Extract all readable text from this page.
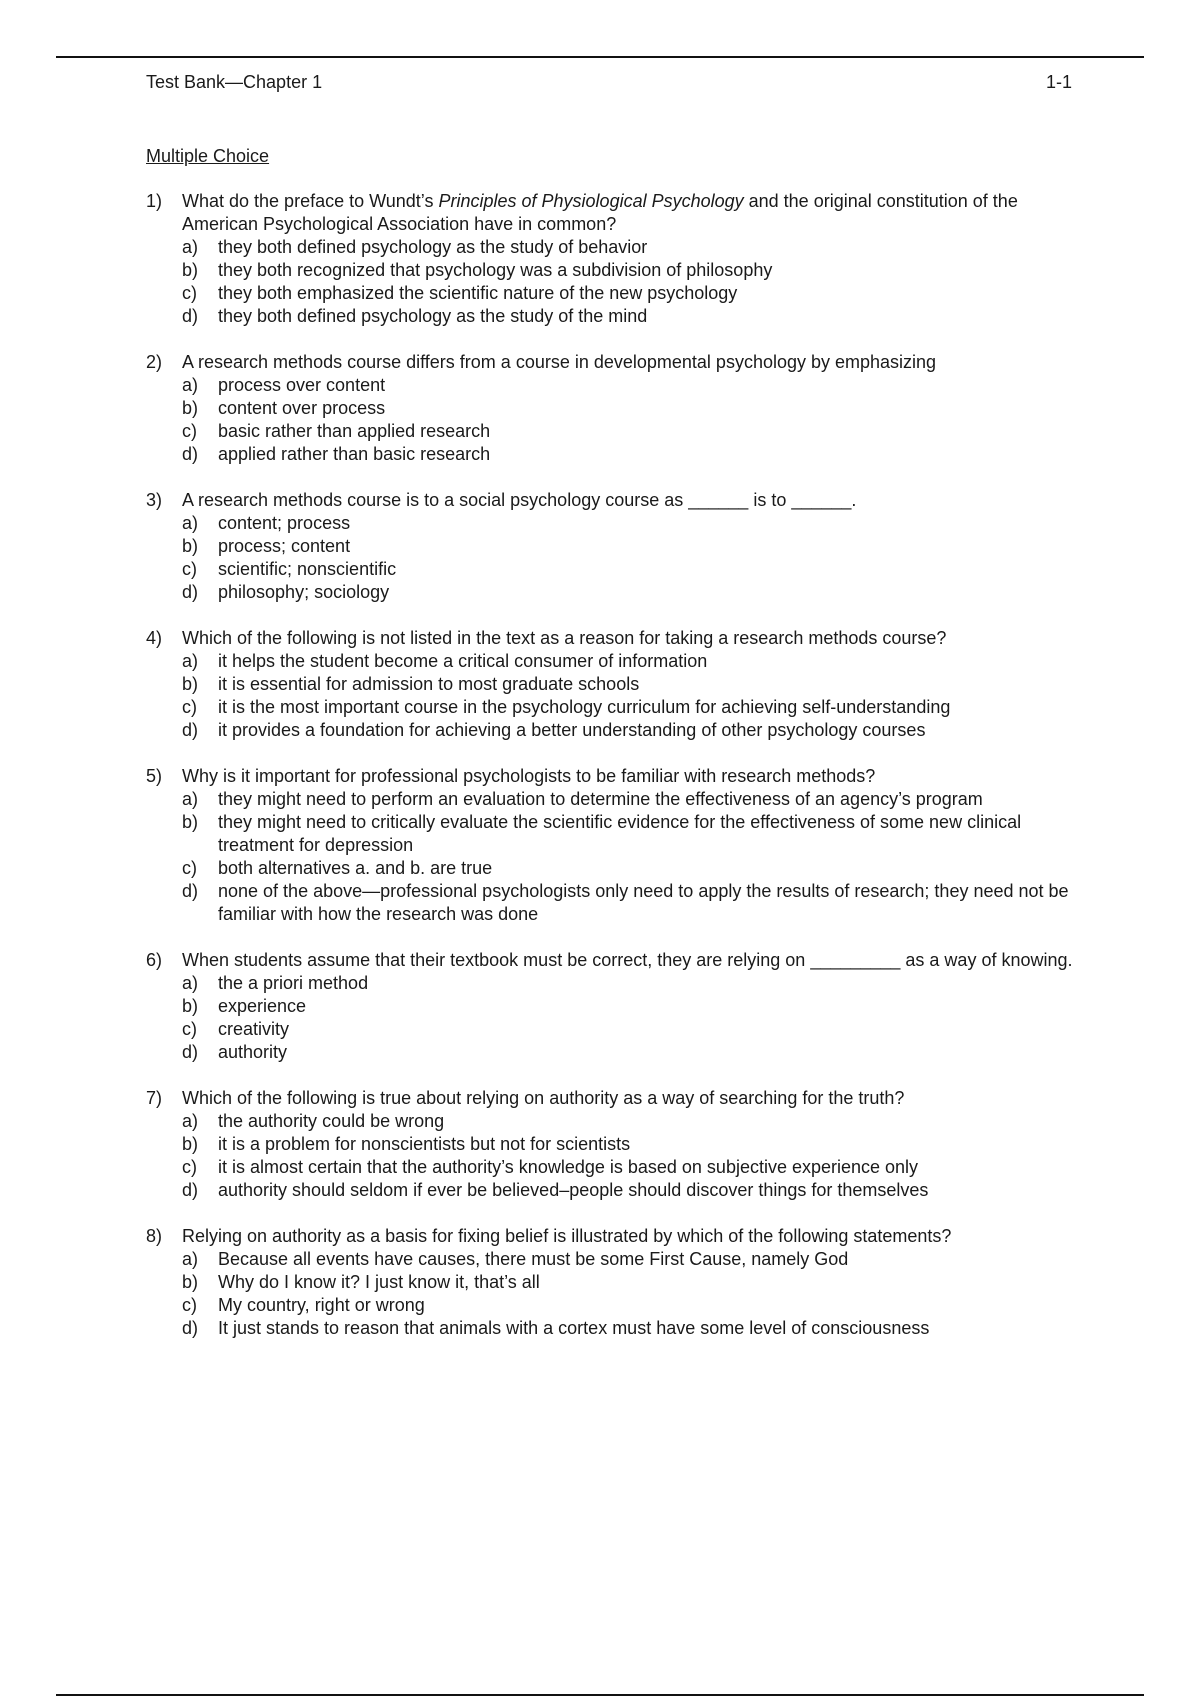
Test Bank—Chapter 1	1-1
Multiple Choice
1) What do the preface to Wundt’s Principles of Physiological Psychology and the original constitution of the American Psychological Association have in common?
a) they both defined psychology as the study of behavior
b) they both recognized that psychology was a subdivision of philosophy
c) they both emphasized the scientific nature of the new psychology
d) they both defined psychology as the study of the mind
2) A research methods course differs from a course in developmental psychology by emphasizing
a) process over content
b) content over process
c) basic rather than applied research
d) applied rather than basic research
3) A research methods course is to a social psychology course as ______ is to ______.
a) content; process
b) process; content
c) scientific; nonscientific
d) philosophy; sociology
4) Which of the following is not listed in the text as a reason for taking a research methods course?
a) it helps the student become a critical consumer of information
b) it is essential for admission to most graduate schools
c) it is the most important course in the psychology curriculum for achieving self-understanding
d) it provides a foundation for achieving a better understanding of other psychology courses
5) Why is it important for professional psychologists to be familiar with research methods?
a) they might need to perform an evaluation to determine the effectiveness of an agency’s program
b) they might need to critically evaluate the scientific evidence for the effectiveness of some new clinical treatment for depression
c) both alternatives a. and b. are true
d) none of the above—professional psychologists only need to apply the results of research; they need not be familiar with how the research was done
6) When students assume that their textbook must be correct, they are relying on _________ as a way of knowing.
a) the a priori method
b) experience
c) creativity
d) authority
7) Which of the following is true about relying on authority as a way of searching for the truth?
a) the authority could be wrong
b) it is a problem for nonscientists but not for scientists
c) it is almost certain that the authority’s knowledge is based on subjective experience only
d) authority should seldom if ever be believed–people should discover things for themselves
8) Relying on authority as a basis for fixing belief is illustrated by which of the following statements?
a) Because all events have causes, there must be some First Cause, namely God
b) Why do I know it? I just know it, that’s all
c) My country, right or wrong
d) It just stands to reason that animals with a cortex must have some level of consciousness
